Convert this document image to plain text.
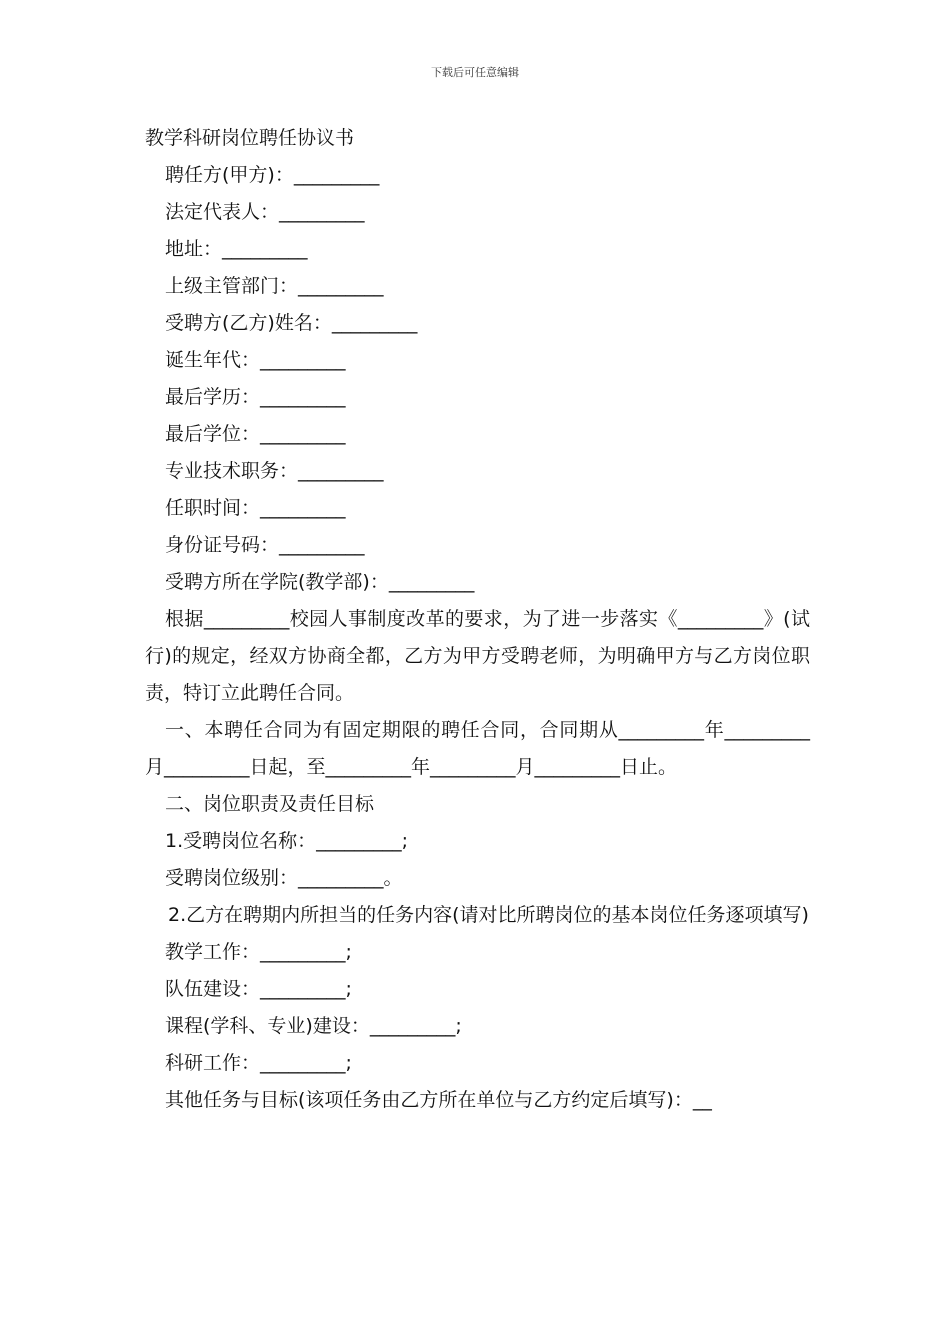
下载后可任意编辑

教学科研岗位聘任协议书

聘任方(甲方)：_________

法定代表人：_________

地址：_________

上级主管部门：_________

受聘方(乙方)姓名：_________

诞生年代：_________

最后学历：_________

最后学位：_________

专业技术职务：_________

任职时间：_________

身份证号码：_________

受聘方所在学院(教学部)：_________

根据_________校园人事制度改革的要求，为了进一步落实《_________》(试行)的规定，经双方协商全都，乙方为甲方受聘老师，为明确甲方与乙方岗位职责，特订立此聘任合同。

一、本聘任合同为有固定期限的聘任合同，合同期从_________年_________月_________日起，至_________年_________月_________日止。

二、岗位职责及责任目标

1.受聘岗位名称：_________;

受聘岗位级别：_________。

2.乙方在聘期内所担当的任务内容(请对比所聘岗位的基本岗位任务逐项填写)

教学工作：_________;

队伍建设：_________;

课程(学科、专业)建设：_________;

科研工作：_________;

其他任务与目标(该项任务由乙方所在单位与乙方约定后填写)：__
